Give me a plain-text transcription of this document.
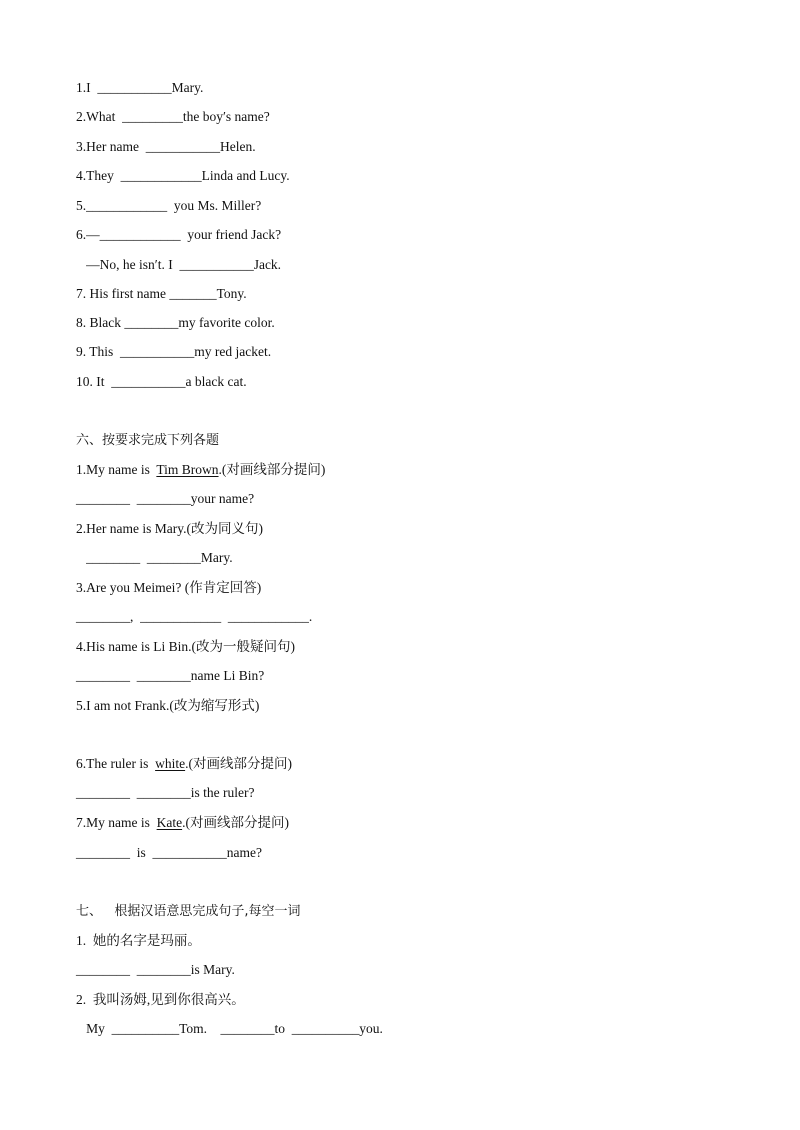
1.I  ___________Mary.
2.What  _________the boy′s name?
3.Her name  ___________Helen.
4.They  ____________Linda and Lucy.
5.____________  you Ms. Miller?
6.—____________  your friend Jack?
—No, he isn′t. I  ___________Jack.
7. His first name _______Tony.
8. Black ________my favorite color.
9. This  ___________my red jacket.
10. It  ___________a black cat.
六、按要求完成下列各题
1.My name is  Tim Brown.(对画线部分提问)
________  ________your name?
2.Her name is Mary.(改为同义句)
________  ________Mary.
3.Are you Meimei? (作肯定回答)
________,  ____________  ____________.
4.His name is Li Bin.(改为一般疑问句)
________  ________name Li Bin?
5.I am not Frank.(改为缩写形式)
6.The ruler is  white.(对画线部分提问)
________  ________is the ruler?
7.My name is  Kate.(对画线部分提问)
________  is  ___________name?
七、   根据汉语意思完成句子,每空一词
1.  她的名字是玛丽。
________  ________is Mary.
2.  我叫汤姆,见到你很高兴。
My  __________Tom.    ________to  __________you.
